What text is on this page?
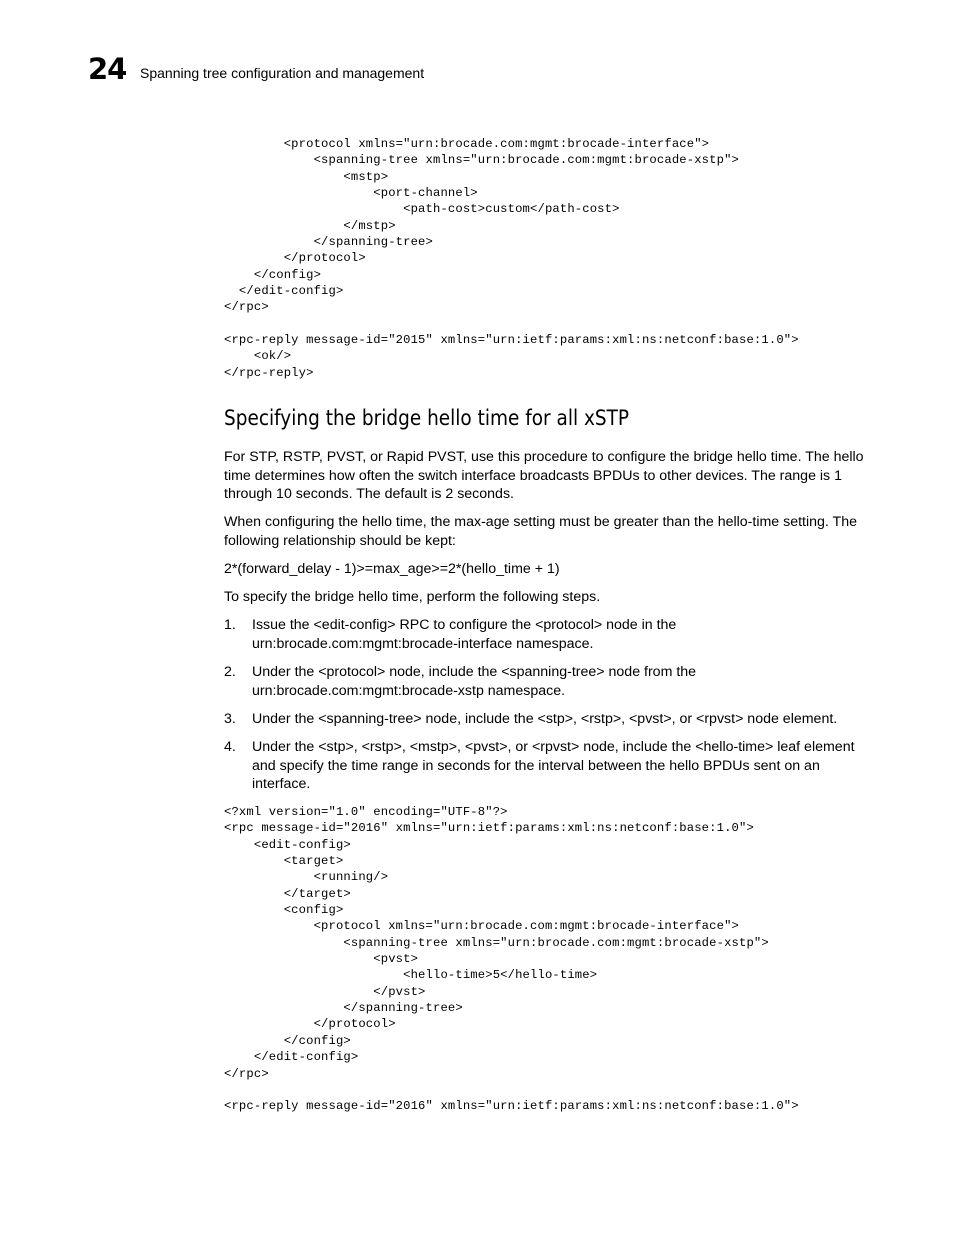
24 Spanning tree configuration and management
<protocol xmlns="urn:brocade.com:mgmt:brocade-interface">
<spanning-tree xmlns="urn:brocade.com:mgmt:brocade-xstp">
<mstp>
<port-channel>
<path-cost>custom</path-cost>
</mstp>
</spanning-tree>
</protocol>
</config>
</edit-config>
</rpc>

<rpc-reply message-id="2015" xmlns="urn:ietf:params:xml:ns:netconf:base:1.0">
<ok/>
</rpc-reply>
Specifying the bridge hello time for all xSTP

For STP, RSTP, PVST, or Rapid PVST, use this procedure to configure the bridge hello time. The hello time determines how often the switch interface broadcasts BPDUs to other devices. The range is 1 through 10 seconds. The default is 2 seconds.

When configuring the hello time, the max-age setting must be greater than the hello-time setting. The following relationship should be kept:

2*(forward_delay - 1)>=max_age>=2*(hello_time + 1)

To specify the bridge hello time, perform the following steps.

1. Issue the <edit-config> RPC to configure the <protocol> node in the urn:brocade.com:mgmt:brocade-interface namespace.
2. Under the <protocol> node, include the <spanning-tree> node from the urn:brocade.com:mgmt:brocade-xstp namespace.
3. Under the <spanning-tree> node, include the <stp>, <rstp>, <pvst>, or <rpvst> node element.
4. Under the <stp>, <rstp>, <mstp>, <pvst>, or <rpvst> node, include the <hello-time> leaf element and specify the time range in seconds for the interval between the hello BPDUs sent on an interface.
<?xml version="1.0" encoding="UTF-8"?>
<rpc message-id="2016" xmlns="urn:ietf:params:xml:ns:netconf:base:1.0">
<edit-config>
<target>
<running/>
</target>
<config>
<protocol xmlns="urn:brocade.com:mgmt:brocade-interface">
<spanning-tree xmlns="urn:brocade.com:mgmt:brocade-xstp">
<pvst>
<hello-time>5</hello-time>
</pvst>
</spanning-tree>
</protocol>
</config>
</edit-config>
</rpc>

<rpc-reply message-id="2016" xmlns="urn:ietf:params:xml:ns:netconf:base:1.0">
